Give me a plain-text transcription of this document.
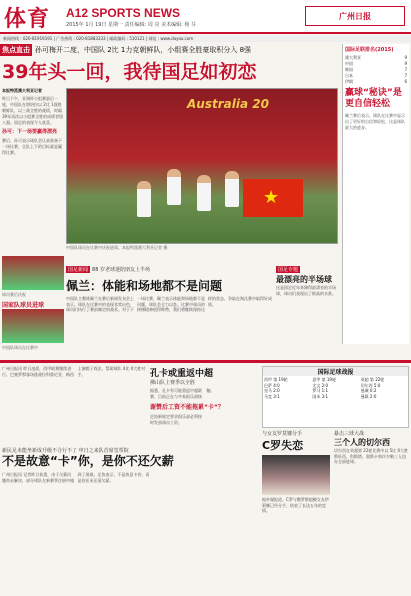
体育 A12 SPORTS NEWS
2015年 1月 19日 星期一 责任编辑: 周 亮 美术编辑: 杨 芬
广州日报
新闻热线 : 020-81919191 | 广告热线 : 020-81883333 | 邮政编码 : 510121 | 网址 : www.dayoo.com
焦点直击 孙可梅开二度，中国队 2比 1力克朝鲜队，小组赛全胜豪取积分入 8强
39年头一回，我待国足如初恋
本报特派澳大利亚记者
昨日下午，亚洲杯小组赛最后一轮，中国队在堪培拉以 2比 1战胜朝鲜队，以三战全胜的战绩，时隔 39年再次以小组赛全胜的成绩晋级八强。国足的表现令人欣喜。
孙可：下一场要赢得漂亮
赛后，孙可表示球队会认真准备下一场比赛，全队上下的目标就是赢得比赛。
Australia 20
★
中国队球员在比赛中庆祝进球。本报特派澳大利亚记者 摄
国际足联排名(2015)
澳大利亚	9
中国	9
韩国	7
日本	7
伊朗	6
赢球“秘诀”是更自信轻松
佩兰赛后表示，球队在比赛中显示出了更好的自信和轻松，这是球队最大的进步。
球员赛后庆祝
国家队球员进球
中国队球员在比赛中
国足新闻 88 岁老球迷陪朋友上半场
佩兰：体能和场地都不是问题
中国队主教练佩兰在赛后新闻发布会上表示，球队在比赛中的表现非常出色，球员们执行了赛前制定的战术。对于下一场比赛，佩兰表示体能和场地都不是问题，球队会全力以赴。比赛中球员的拼搏精神值得称赞，我们将继续保持这样的状态，争取在淘汰赛中取得好成绩。
国足专题
最漂亮的半场球
这是国足近年来踢得最漂亮的半场球，球员们表现出了极高的水准。
广州日报讯 昨日凌晨，西甲联赛继续进行。巴塞罗那客场挑战拉科鲁尼亚，梅西上演帽子戏法，帮助球队 4比 0大胜对手。
新民足未能坐新成升级不合行不了 申日之来队首席签票院
不是故意“卡”你，是你不还欠薪
广州日报讯 记者昨日获悉，由于欠薪问题尚未解决，部分球队在新赛季注册中遇到了困难。足协表示，不是故意卡你，而是你还未还清欠薪。
孔卡或重返中超
佛山队上赛季以全胜
据悉，孔卡有可能重返中超联赛，目前正在与多家俱乐部接触。
谢赞后工资不能拖累“卡”？
足协新规定要求俱乐部必须按时发放球员工资。
国际足球战报
西甲 第 19轮
巴萨 4:0
皇马 2:0
马竞 3:1
意甲 第 19轮
尤文 2:0
罗马 1:1
国米 3:1
英超 第 22轮
切尔西 5:0
曼城 0:2
曼联 2:0
与女友罗莫娜分手
C罗失恋
据外媒报道，C罗与俄罗斯超模女友伊莉娜已经分手，结束了长达五年的恋情。
暴击三球大战
三个人的切尔西
切尔西在英超第 22轮比赛中以 5比 0大胜斯旺西，科斯塔、奥斯卡和许尔勒三人包办全部进球。
